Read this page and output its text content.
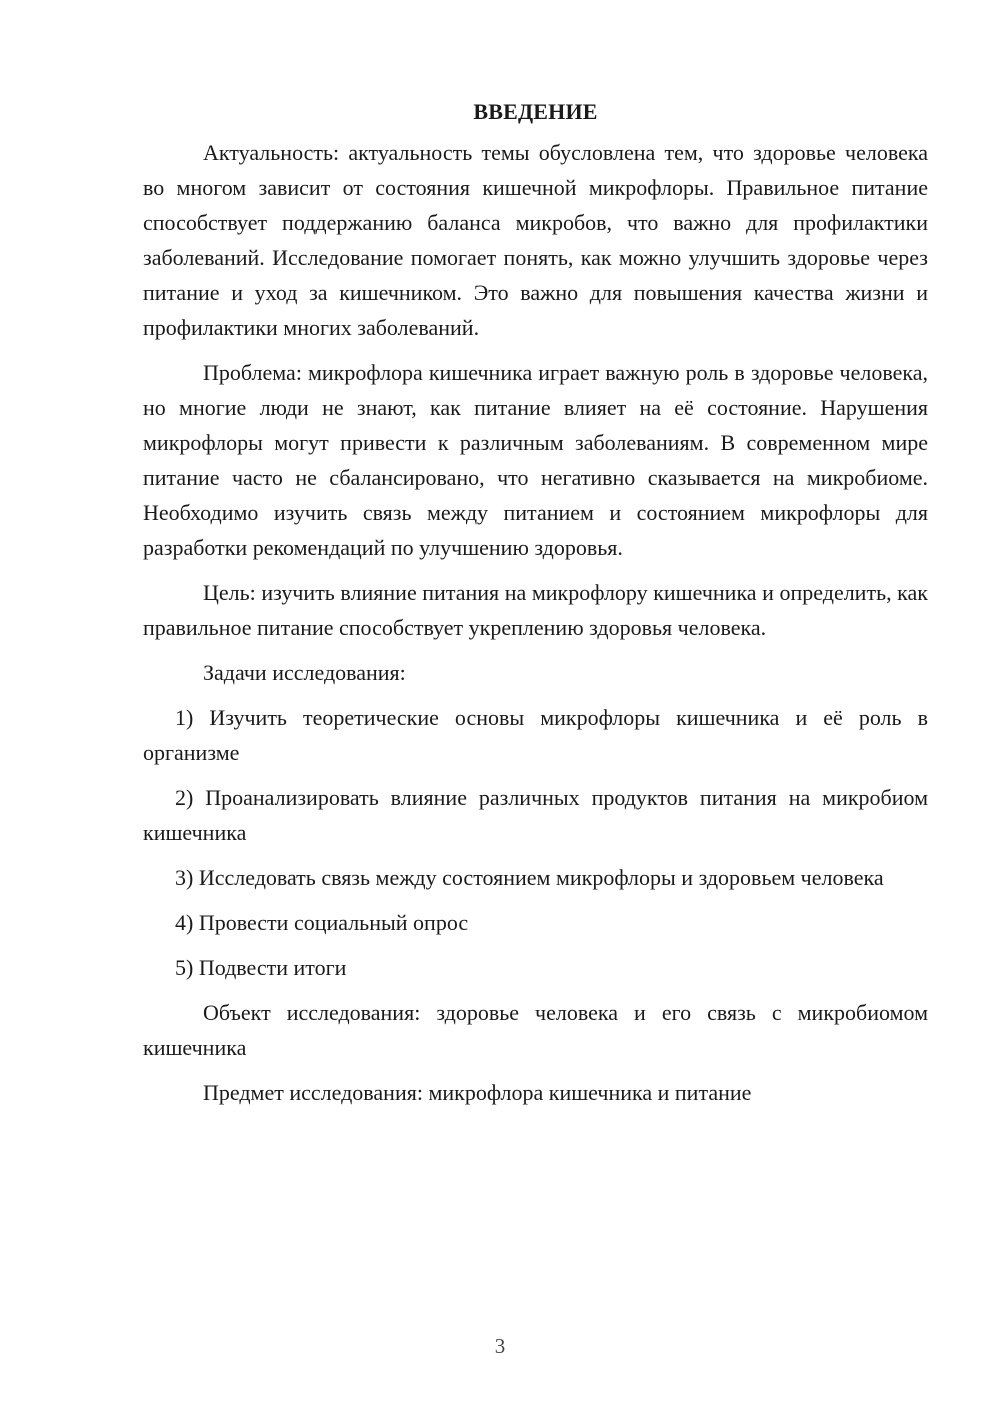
ВВЕДЕНИЕ

Актуальность: актуальность темы обусловлена тем, что здоровье человека во многом зависит от состояния кишечной микрофлоры. Правильное питание способствует поддержанию баланса микробов, что важно для профилактики заболеваний. Исследование помогает понять, как можно улучшить здоровье через питание и уход за кишечником. Это важно для повышения качества жизни и профилактики многих заболеваний.

Проблема: микрофлора кишечника играет важную роль в здоровье человека, но многие люди не знают, как питание влияет на её состояние. Нарушения микрофлоры могут привести к различным заболеваниям. В современном мире питание часто не сбалансировано, что негативно сказывается на микробиоме. Необходимо изучить связь между питанием и состоянием микрофлоры для разработки рекомендаций по улучшению здоровья.

Цель: изучить влияние питания на микрофлору кишечника и определить, как правильное питание способствует укреплению здоровья человека.

Задачи исследования:

1) Изучить теоретические основы микрофлоры кишечника и её роль в организме

2) Проанализировать влияние различных продуктов питания на микробиом кишечника

3) Исследовать связь между состоянием микрофлоры и здоровьем человека

4) Провести социальный опрос

5) Подвести итоги

Объект исследования: здоровье человека и его связь с микробиомом кишечника

Предмет исследования: микрофлора кишечника и питание

3
